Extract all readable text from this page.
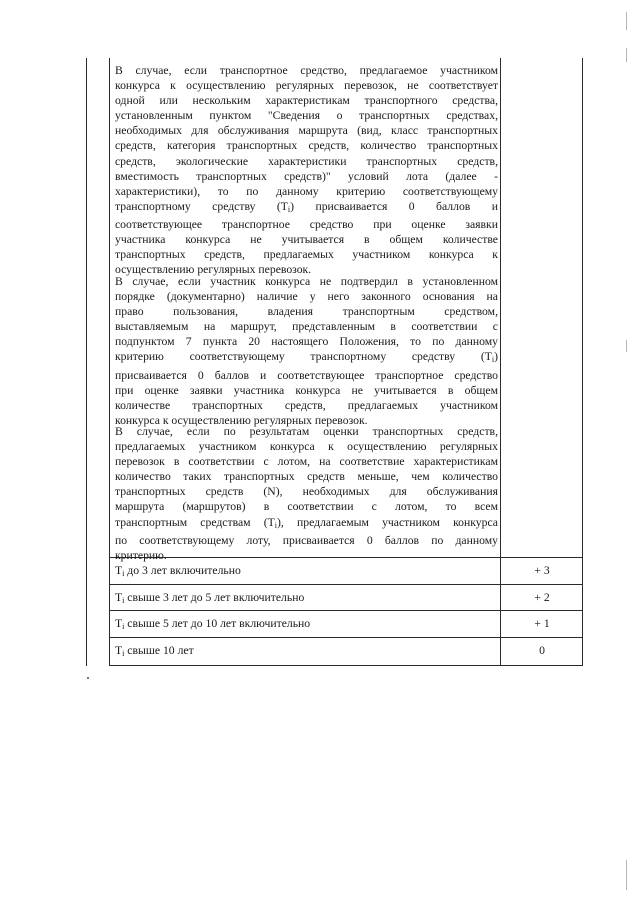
В случае, если транспортное средство, предлагаемое участником
конкурса к осуществлению регулярных перевозок, не соответствует
одной или нескольким характеристикам транспортного средства,
установленным пунктом "Сведения о транспортных средствах,
необходимых для обслуживания маршрута (вид, класс транспортных
средств, категория транспортных средств, количество транспортных
средств, экологические характеристики транспортных средств,
вместимость транспортных средств)" условий лота (далее -
характеристики), то по данному критерию соответствующему
транспортному средству $(Т_i)$ присваивается 0 баллов и
соответствующее транспортное средство при оценке заявки
участника конкурса не учитывается в общем количестве
транспортных средств, предлагаемых участником конкурса к
осуществлению регулярных перевозок.

В случае, если участник конкурса не подтвердил в установленном
порядке (документарно) наличие у него законного основания на
право пользования, владения транспортным средством,
выставляемым на маршрут, представленным в соответствии с
подпунктом 7 пункта 20 настоящего Положения, то по данному
критерию соответствующему транспортному средству $(Т_i)$
присваивается 0 баллов и соответствующее транспортное средство
при оценке заявки участника конкурса не учитывается в общем
количестве транспортных средств, предлагаемых участником
конкурса к осуществлению регулярных перевозок.

В случае, если по результатам оценки транспортных средств,
предлагаемых участником конкурса к осуществлению регулярных
перевозок в соответствии с лотом, на соответствие характеристикам
количество таких транспортных средств меньше, чем количество
транспортных средств (N), необходимых для обслуживания
маршрута (маршрутов) в соответствии с лотом, то всем
транспортным средствам $(Т_i)$, предлагаемым участником конкурса
по соответствующему лоту, присваивается 0 баллов по данному
критерию.

$Т_i$ до 3 лет включительно	+ 3
$Т_i$ свыше 3 лет до 5 лет включительно	+ 2
$Т_i$ свыше 5 лет до 10 лет включительно	+ 1
$Т_i$ свыше 10 лет	0
